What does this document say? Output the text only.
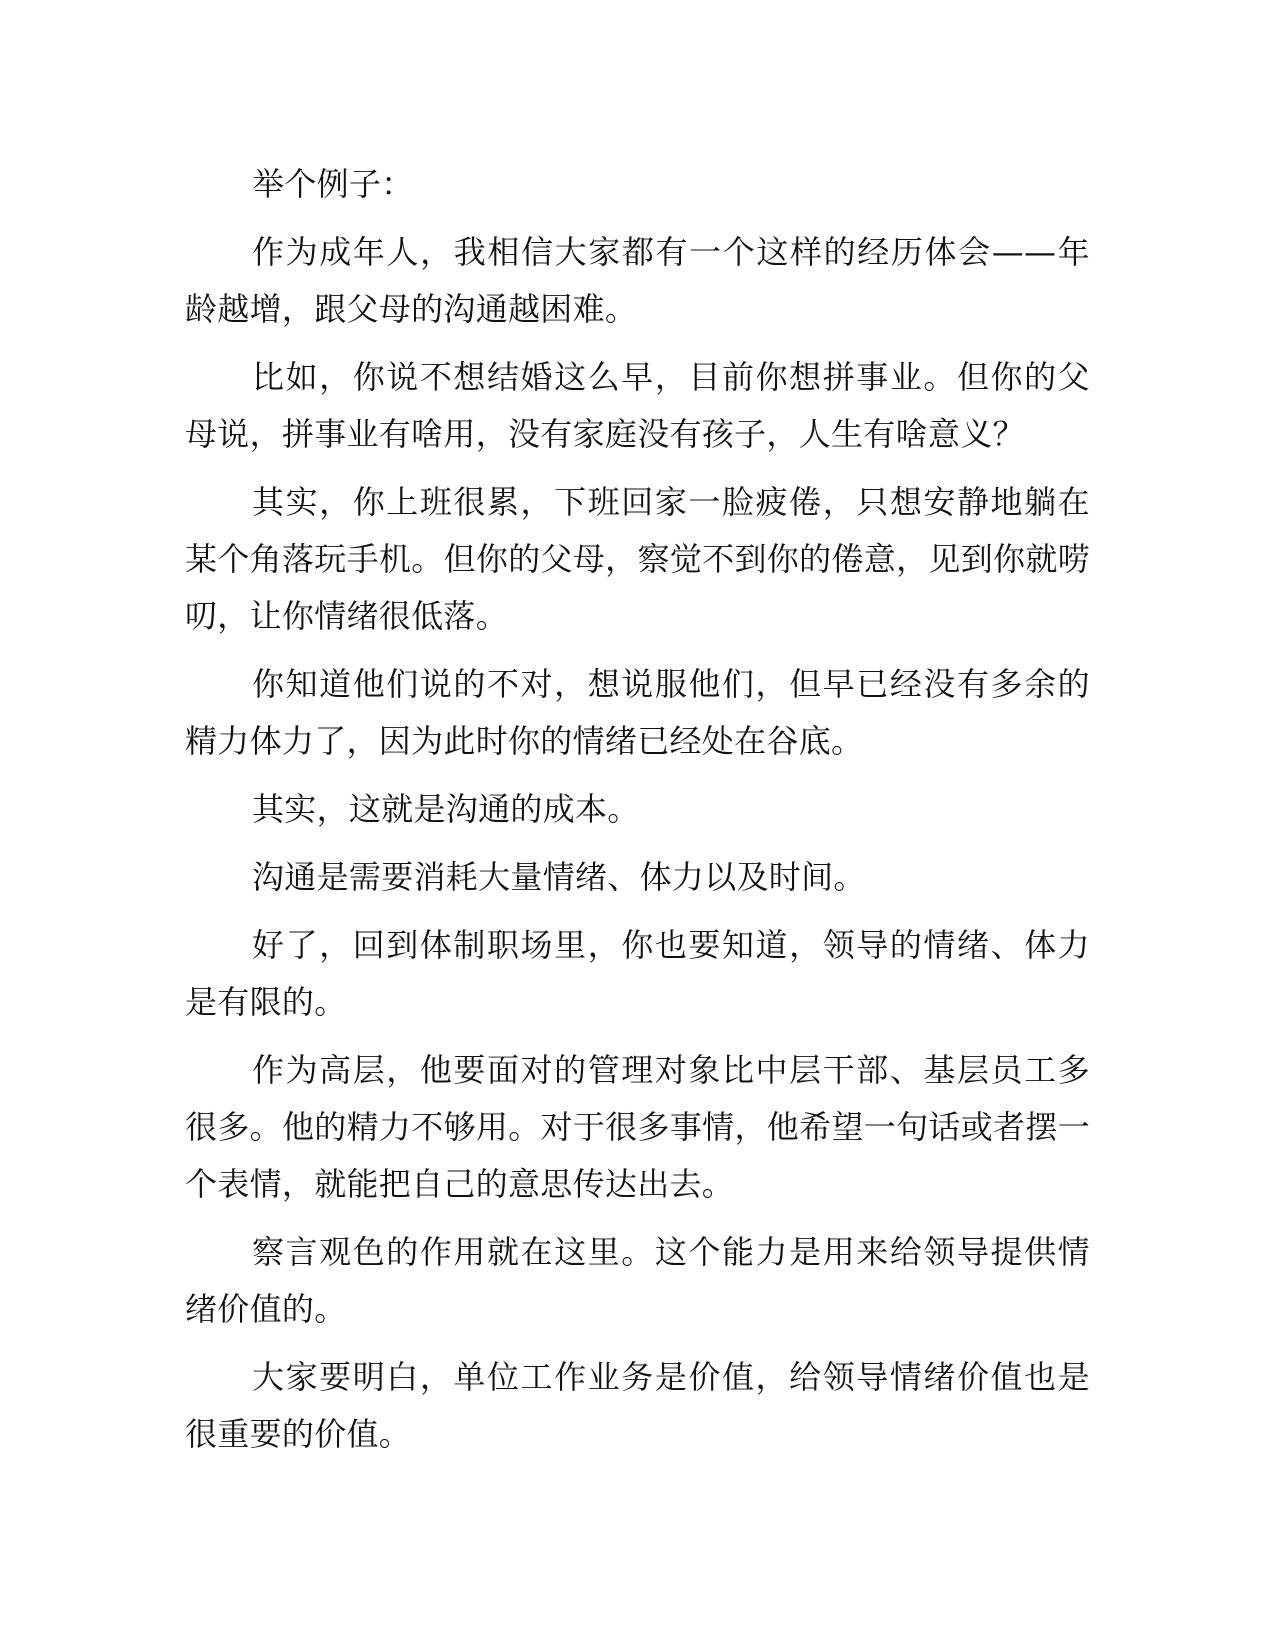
举个例子：

作为成年人，我相信大家都有一个这样的经历体会——年龄越增，跟父母的沟通越困难。

比如，你说不想结婚这么早，目前你想拼事业。但你的父母说，拼事业有啥用，没有家庭没有孩子，人生有啥意义？

其实，你上班很累，下班回家一脸疲倦，只想安静地躺在某个角落玩手机。但你的父母，察觉不到你的倦意，见到你就唠叨，让你情绪很低落。

你知道他们说的不对，想说服他们，但早已经没有多余的精力体力了，因为此时你的情绪已经处在谷底。

其实，这就是沟通的成本。

沟通是需要消耗大量情绪、体力以及时间。

好了，回到体制职场里，你也要知道，领导的情绪、体力是有限的。

作为高层，他要面对的管理对象比中层干部、基层员工多很多。他的精力不够用。对于很多事情，他希望一句话或者摆一个表情，就能把自己的意思传达出去。

察言观色的作用就在这里。这个能力是用来给领导提供情绪价值的。

大家要明白，单位工作业务是价值，给领导情绪价值也是很重要的价值。
